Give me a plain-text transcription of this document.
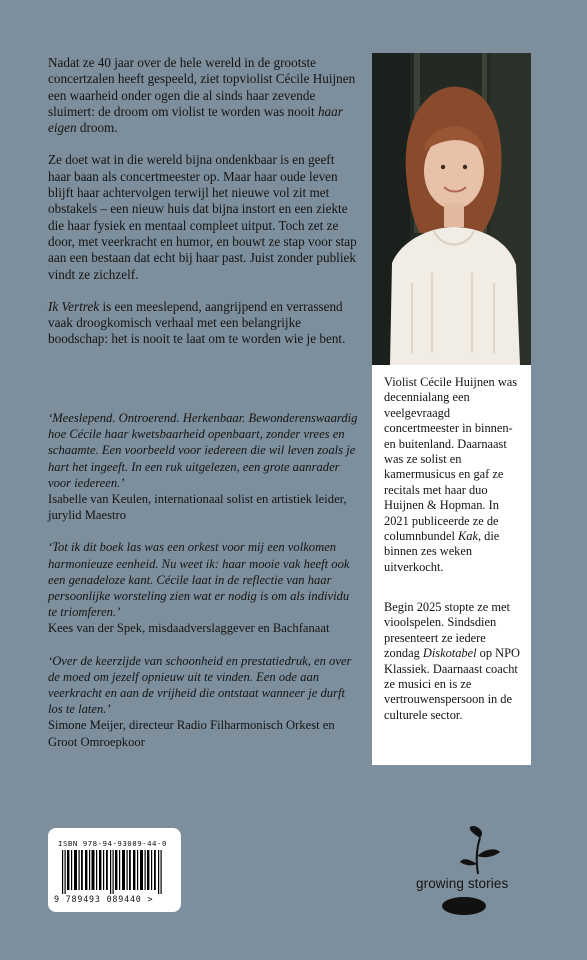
Nadat ze 40 jaar over de hele wereld in de grootste concertzalen heeft gespeeld, ziet topviolist Cécile Huijnen een waarheid onder ogen die al sinds haar zevende sluimert: de droom om violist te worden was nooit haar eigen droom.

Ze doet wat in die wereld bijna ondenkbaar is en geeft haar baan als concertmeester op. Maar haar oude leven blijft haar achtervolgen terwijl het nieuwe vol zit met obstakels – een nieuw huis dat bijna instort en een ziekte die haar fysiek en mentaal compleet uitput. Toch zet ze door, met veerkracht en humor, en bouwt ze stap voor stap aan een bestaan dat echt bij haar past. Juist zonder publiek vindt ze zichzelf.

Ik Vertrek is een meeslepend, aangrijpend en verrassend vaak droogkomisch verhaal met een belangrijke boodschap: het is nooit te laat om te worden wie je bent.

‘Meeslepend. Ontroerend. Herkenbaar. Bewonderenswaardig hoe Cécile haar kwetsbaarheid openbaart, zonder vrees en schaamte. Een voorbeeld voor iedereen die wil leven zoals je hart het ingeeft. In een ruk uitgelezen, een grote aanrader voor iedereen.’
Isabelle van Keulen, internationaal solist en artistiek leider, jurylid Maestro

‘Tot ik dit boek las was een orkest voor mij een volkomen harmonieuze eenheid. Nu weet ik: haar mooie vak heeft ook een genadeloze kant. Cécile laat in de reflectie van haar persoonlijke worsteling zien wat er nodig is om als individu te triomferen.’
Kees van der Spek, misdaadverslaggever en Bachfanaat

‘Over de keerzijde van schoonheid en prestatiedruk, en over de moed om jezelf opnieuw uit te vinden. Een ode aan veerkracht en aan de vrijheid die ontstaat wanneer je durft los te laten.’
Simone Meijer, directeur Radio Filharmonisch Orkest en Groot Omroepkoor

Violist Cécile Huijnen was decennialang een veelgevraagd concertmeester in binnen- en buitenland. Daarnaast was ze solist en kamermusicus en gaf ze recitals met haar duo Huijnen & Hopman. In 2021 publiceerde ze de columnbundel Kak, die binnen zes weken uitverkocht.

Begin 2025 stopte ze met vioolspelen. Sindsdien presenteert ze iedere zondag Diskotabel op NPO Klassiek. Daarnaast coacht ze musici en is ze vertrouwenspersoon in de culturele sector.

ISBN 978-94-93089-44-0
9 789493 089440 >
growing stories
